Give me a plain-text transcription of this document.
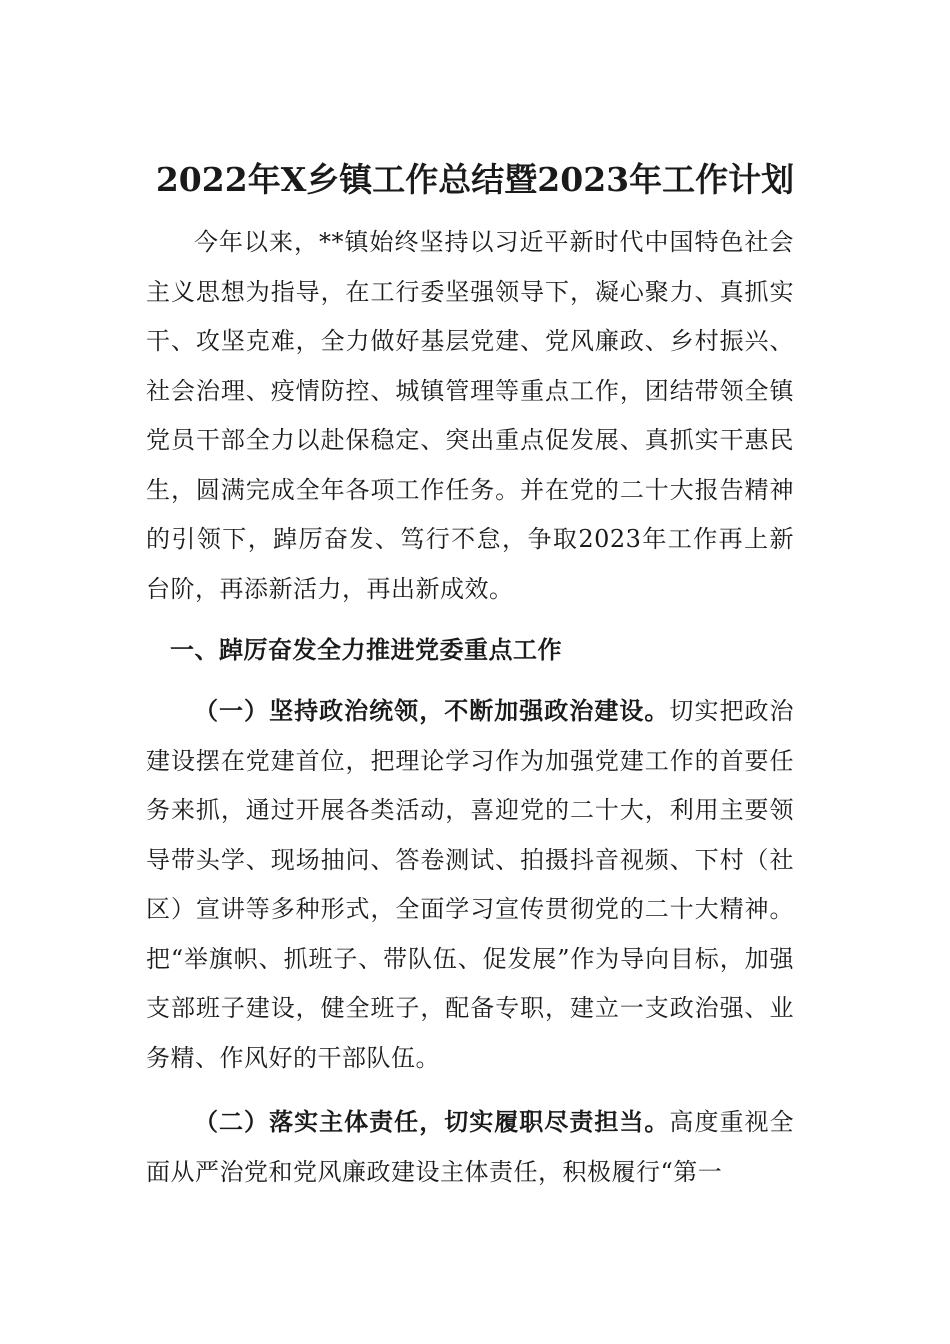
2022年X乡镇工作总结暨2023年工作计划

今年以来，**镇始终坚持以习近平新时代中国特色社会主义思想为指导，在工行委坚强领导下，凝心聚力、真抓实干、攻坚克难，全力做好基层党建、党风廉政、乡村振兴、社会治理、疫情防控、城镇管理等重点工作，团结带领全镇党员干部全力以赴保稳定、突出重点促发展、真抓实干惠民生，圆满完成全年各项工作任务。并在党的二十大报告精神的引领下，踔厉奋发、笃行不怠，争取2023年工作再上新台阶，再添新活力，再出新成效。

一、踔厉奋发全力推进党委重点工作

（一）坚持政治统领，不断加强政治建设。切实把政治建设摆在党建首位，把理论学习作为加强党建工作的首要任务来抓，通过开展各类活动，喜迎党的二十大，利用主要领导带头学、现场抽问、答卷测试、拍摄抖音视频、下村（社区）宣讲等多种形式，全面学习宣传贯彻党的二十大精神。把“举旗帜、抓班子、带队伍、促发展”作为导向目标，加强支部班子建设，健全班子，配备专职，建立一支政治强、业务精、作风好的干部队伍。

（二）落实主体责任，切实履职尽责担当。高度重视全面从严治党和党风廉政建设主体责任，积极履行“第一
